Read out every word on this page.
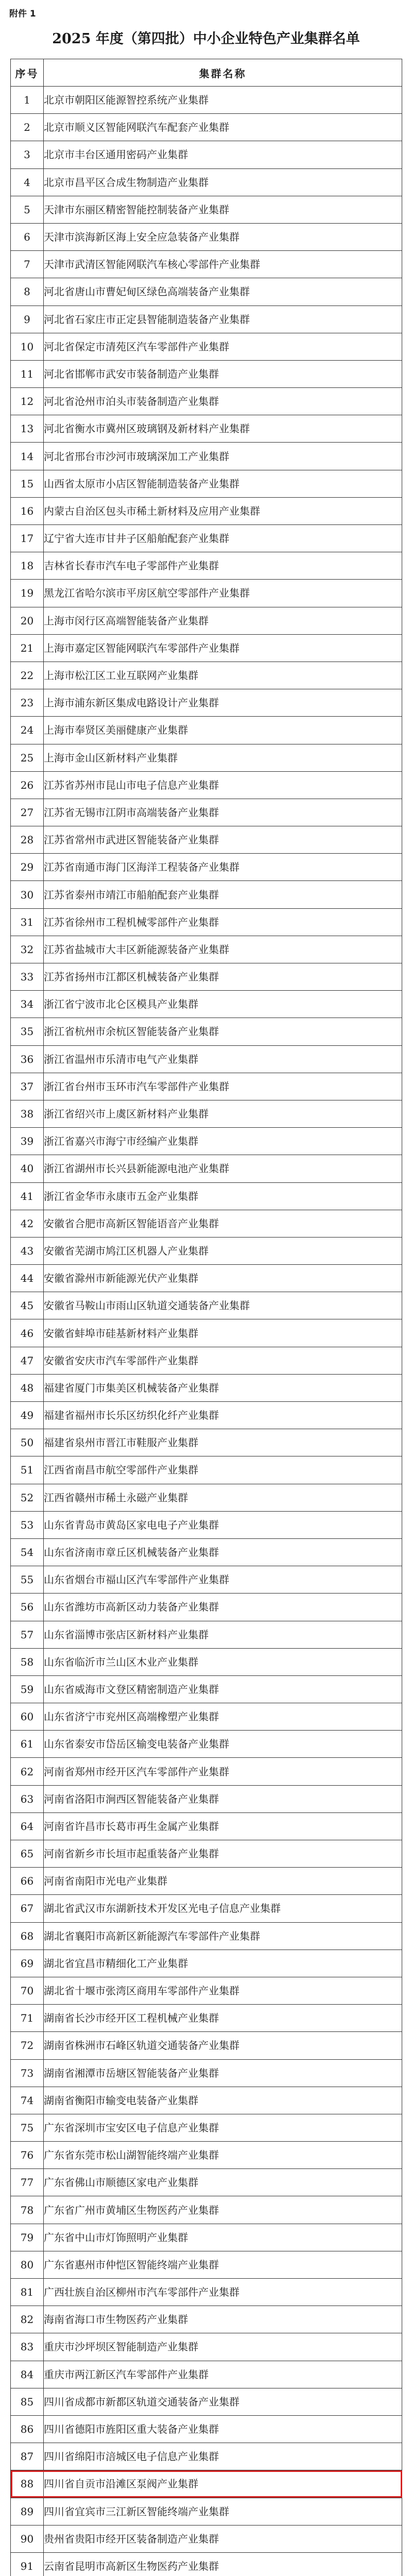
附件 1
2025 年度（第四批）中小企业特色产业集群名单
序号	集群名称
1	北京市朝阳区能源智控系统产业集群
2	北京市顺义区智能网联汽车配套产业集群
3	北京市丰台区通用密码产业集群
4	北京市昌平区合成生物制造产业集群
5	天津市东丽区精密智能控制装备产业集群
6	天津市滨海新区海上安全应急装备产业集群
7	天津市武清区智能网联汽车核心零部件产业集群
8	河北省唐山市曹妃甸区绿色高端装备产业集群
9	河北省石家庄市正定县智能制造装备产业集群
10	河北省保定市清苑区汽车零部件产业集群
11	河北省邯郸市武安市装备制造产业集群
12	河北省沧州市泊头市装备制造产业集群
13	河北省衡水市冀州区玻璃钢及新材料产业集群
14	河北省邢台市沙河市玻璃深加工产业集群
15	山西省太原市小店区智能制造装备产业集群
16	内蒙古自治区包头市稀土新材料及应用产业集群
17	辽宁省大连市甘井子区船舶配套产业集群
18	吉林省长春市汽车电子零部件产业集群
19	黑龙江省哈尔滨市平房区航空零部件产业集群
20	上海市闵行区高端智能装备产业集群
21	上海市嘉定区智能网联汽车零部件产业集群
22	上海市松江区工业互联网产业集群
23	上海市浦东新区集成电路设计产业集群
24	上海市奉贤区美丽健康产业集群
25	上海市金山区新材料产业集群
26	江苏省苏州市昆山市电子信息产业集群
27	江苏省无锡市江阴市高端装备产业集群
28	江苏省常州市武进区智能装备产业集群
29	江苏省南通市海门区海洋工程装备产业集群
30	江苏省泰州市靖江市船舶配套产业集群
31	江苏省徐州市工程机械零部件产业集群
32	江苏省盐城市大丰区新能源装备产业集群
33	江苏省扬州市江都区机械装备产业集群
34	浙江省宁波市北仑区模具产业集群
35	浙江省杭州市余杭区智能装备产业集群
36	浙江省温州市乐清市电气产业集群
37	浙江省台州市玉环市汽车零部件产业集群
38	浙江省绍兴市上虞区新材料产业集群
39	浙江省嘉兴市海宁市经编产业集群
40	浙江省湖州市长兴县新能源电池产业集群
41	浙江省金华市永康市五金产业集群
42	安徽省合肥市高新区智能语音产业集群
43	安徽省芜湖市鸠江区机器人产业集群
44	安徽省滁州市新能源光伏产业集群
45	安徽省马鞍山市雨山区轨道交通装备产业集群
46	安徽省蚌埠市硅基新材料产业集群
47	安徽省安庆市汽车零部件产业集群
48	福建省厦门市集美区机械装备产业集群
49	福建省福州市长乐区纺织化纤产业集群
50	福建省泉州市晋江市鞋服产业集群
51	江西省南昌市航空零部件产业集群
52	江西省赣州市稀土永磁产业集群
53	山东省青岛市黄岛区家电电子产业集群
54	山东省济南市章丘区机械装备产业集群
55	山东省烟台市福山区汽车零部件产业集群
56	山东省潍坊市高新区动力装备产业集群
57	山东省淄博市张店区新材料产业集群
58	山东省临沂市兰山区木业产业集群
59	山东省威海市文登区精密制造产业集群
60	山东省济宁市兖州区高端橡塑产业集群
61	山东省泰安市岱岳区输变电装备产业集群
62	河南省郑州市经开区汽车零部件产业集群
63	河南省洛阳市涧西区智能装备产业集群
64	河南省许昌市长葛市再生金属产业集群
65	河南省新乡市长垣市起重装备产业集群
66	河南省南阳市光电产业集群
67	湖北省武汉市东湖新技术开发区光电子信息产业集群
68	湖北省襄阳市高新区新能源汽车零部件产业集群
69	湖北省宜昌市精细化工产业集群
70	湖北省十堰市张湾区商用车零部件产业集群
71	湖南省长沙市经开区工程机械产业集群
72	湖南省株洲市石峰区轨道交通装备产业集群
73	湖南省湘潭市岳塘区智能装备产业集群
74	湖南省衡阳市输变电装备产业集群
75	广东省深圳市宝安区电子信息产业集群
76	广东省东莞市松山湖智能终端产业集群
77	广东省佛山市顺德区家电产业集群
78	广东省广州市黄埔区生物医药产业集群
79	广东省中山市灯饰照明产业集群
80	广东省惠州市仲恺区智能终端产业集群
81	广西壮族自治区柳州市汽车零部件产业集群
82	海南省海口市生物医药产业集群
83	重庆市沙坪坝区智能制造产业集群
84	重庆市两江新区汽车零部件产业集群
85	四川省成都市新都区轨道交通装备产业集群
86	四川省德阳市旌阳区重大装备产业集群
87	四川省绵阳市涪城区电子信息产业集群
88	四川省自贡市沿滩区泵阀产业集群
89	四川省宜宾市三江新区智能终端产业集群
90	贵州省贵阳市经开区装备制造产业集群
91	云南省昆明市高新区生物医药产业集群
